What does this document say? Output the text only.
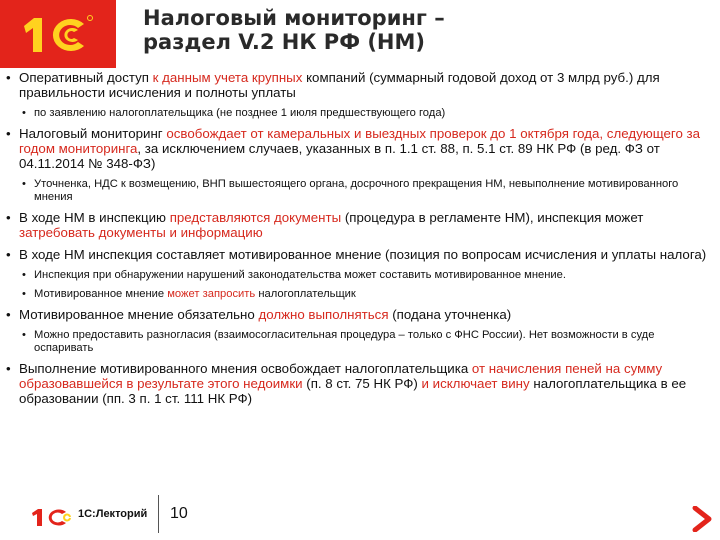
Налоговый мониторинг –
раздел V.2 НК РФ (НМ)
• Оперативный доступ к данным учета крупных компаний (суммарный годовой доход от 3 млрд руб.) для правильности исчисления и полноты уплаты
• по заявлению налогоплательщика (не позднее 1 июля предшествующего года)
• Налоговый мониторинг освобождает от камеральных и выездных проверок до 1 октября года, следующего за годом мониторинга, за исключением случаев, указанных в п. 1.1 ст. 88, п. 5.1 ст. 89 НК РФ (в ред. ФЗ от 04.11.2014 № 348-ФЗ)
• Уточненка, НДС к возмещению, ВНП вышестоящего органа, досрочного прекращения НМ, невыполнение мотивированного мнения
• В ходе НМ в инспекцию представляются документы (процедура в регламенте НМ), инспекция может затребовать документы и информацию
• В ходе НМ инспекция составляет мотивированное мнение (позиция по вопросам исчисления и уплаты налога)
• Инспекция при обнаружении нарушений законодательства может составить мотивированное мнение.
• Мотивированное мнение может запросить налогоплательщик
• Мотивированное мнение обязательно должно выполняться (подана уточненка)
• Можно предоставить разногласия (взаимосогласительная процедура – только с ФНС России). Нет возможности в суде оспаривать
• Выполнение мотивированного мнения освобождает налогоплательщика от начисления пеней на сумму образовавшейся в результате этого недоимки (п. 8 ст. 75 НК РФ) и исключает вину налогоплательщика в ее образовании (пп. 3 п. 1 ст. 111 НК РФ)
1С:Лекторий 10
